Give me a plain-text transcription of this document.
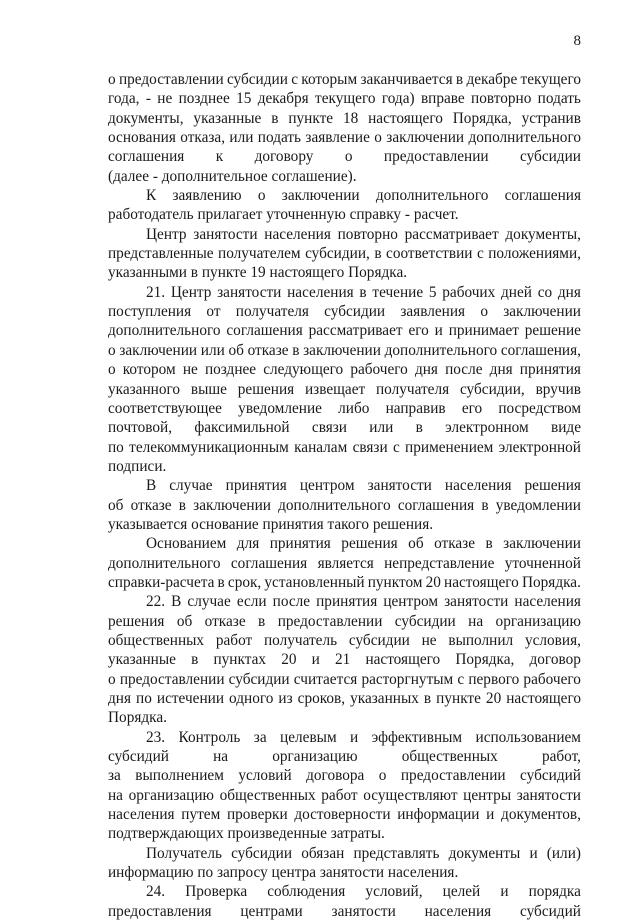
8
о предоставлении субсидии с которым заканчивается в декабре текущего
года, - не позднее 15 декабря текущего года) вправе повторно подать
документы, указанные в пункте 18 настоящего Порядка, устранив
основания отказа, или подать заявление о заключении дополнительного
соглашения к договору о предоставлении субсидии
(далее - дополнительное соглашение).
К заявлению о заключении дополнительного соглашения
работодатель прилагает уточненную справку - расчет.
Центр занятости населения повторно рассматривает документы,
представленные получателем субсидии, в соответствии с положениями,
указанными в пункте 19 настоящего Порядка.
21. Центр занятости населения в течение 5 рабочих дней со дня
поступления от получателя субсидии заявления о заключении
дополнительного соглашения рассматривает его и принимает решение
о заключении или об отказе в заключении дополнительного соглашения,
о котором не позднее следующего рабочего дня после дня принятия
указанного выше решения извещает получателя субсидии, вручив
соответствующее уведомление либо направив его посредством
почтовой, факсимильной связи или в электронном виде
по телекоммуникационным каналам связи с применением электронной
подписи.
В случае принятия центром занятости населения решения
об отказе в заключении дополнительного соглашения в уведомлении
указывается основание принятия такого решения.
Основанием для принятия решения об отказе в заключении
дополнительного соглашения является непредставление уточненной
справки-расчета в срок, установленный пунктом 20 настоящего Порядка.
22. В случае если после принятия центром занятости населения
решения об отказе в предоставлении субсидии на организацию
общественных работ получатель субсидии не выполнил условия,
указанные в пунктах 20 и 21 настоящего Порядка, договор
о предоставлении субсидии считается расторгнутым с первого рабочего
дня по истечении одного из сроков, указанных в пункте 20 настоящего
Порядка.
23. Контроль за целевым и эффективным использованием
субсидий	на	организацию	общественных	работ,
за выполнением условий договора о предоставлении субсидий
на организацию общественных работ осуществляют центры занятости
населения путем проверки достоверности информации и документов,
подтверждающих произведенные затраты.
Получатель субсидии обязан представлять документы и (или)
информацию по запросу центра занятости населения.
24. Проверка соблюдения условий, целей и порядка
предоставления центрами занятости населения субсидий
